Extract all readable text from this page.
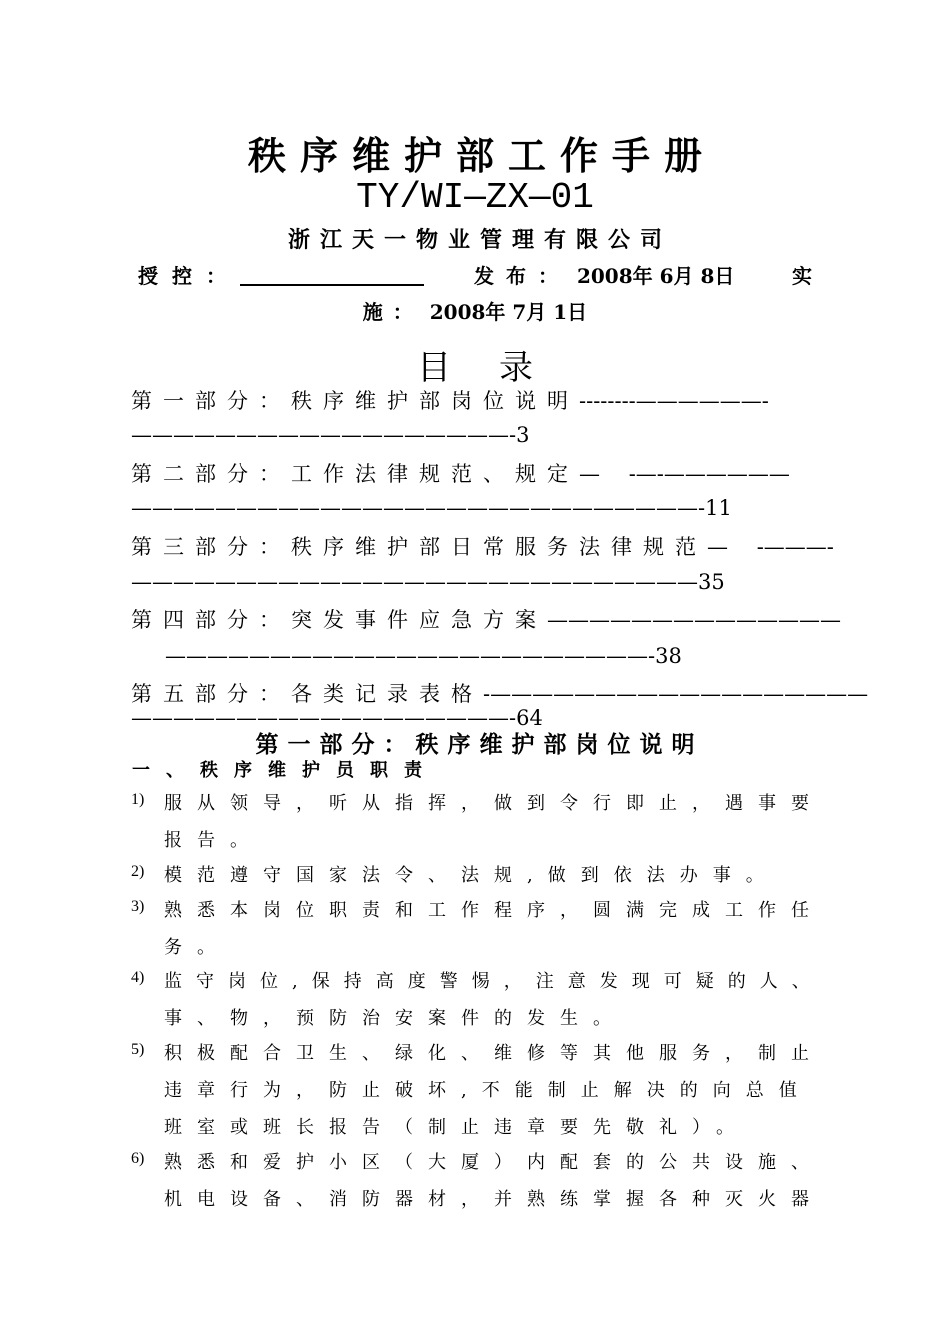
秩序维护部工作手册
TY/WI—ZX—01
浙江天一物业管理有限公司
授控：	发布： 2008年 6月 8日	实
施： 2008年 7月 1日
目录
第一部分：秩序维护部岗位说明--------——————-
——————————————————-3
第二部分：工作法律规范、规定— -—-——————
———————————————————————————-11
第三部分：秩序维护部日常服务法律规范— -———-
———————————————————————————35
第四部分：突发事件应急方案——————————————
———————————————————————-38
第五部分：各类记录表格-——————————————————
——————————————————-64
第一部分：秩序维护部岗位说明
一、秩序维护员职责
1) 服从领导，听从指挥，做到令行即止，遇事要
报告。
2) 模范遵守国家法令、法规,做到依法办事。
3) 熟悉本岗位职责和工作程序，圆满完成工作任
务。
4) 监守岗位,保持高度警惕，注意发现可疑的人、
事、物，预防治安案件的发生。
5) 积极配合卫生、绿化、维修等其他服务，制止
违章行为，防止破坏,不能制止解决的向总值
班室或班长报告（制止违章要先敬礼）。
6) 熟悉和爱护小区（大厦）内配套的公共设施、
机电设备、消防器材，并熟练掌握各种灭火器
